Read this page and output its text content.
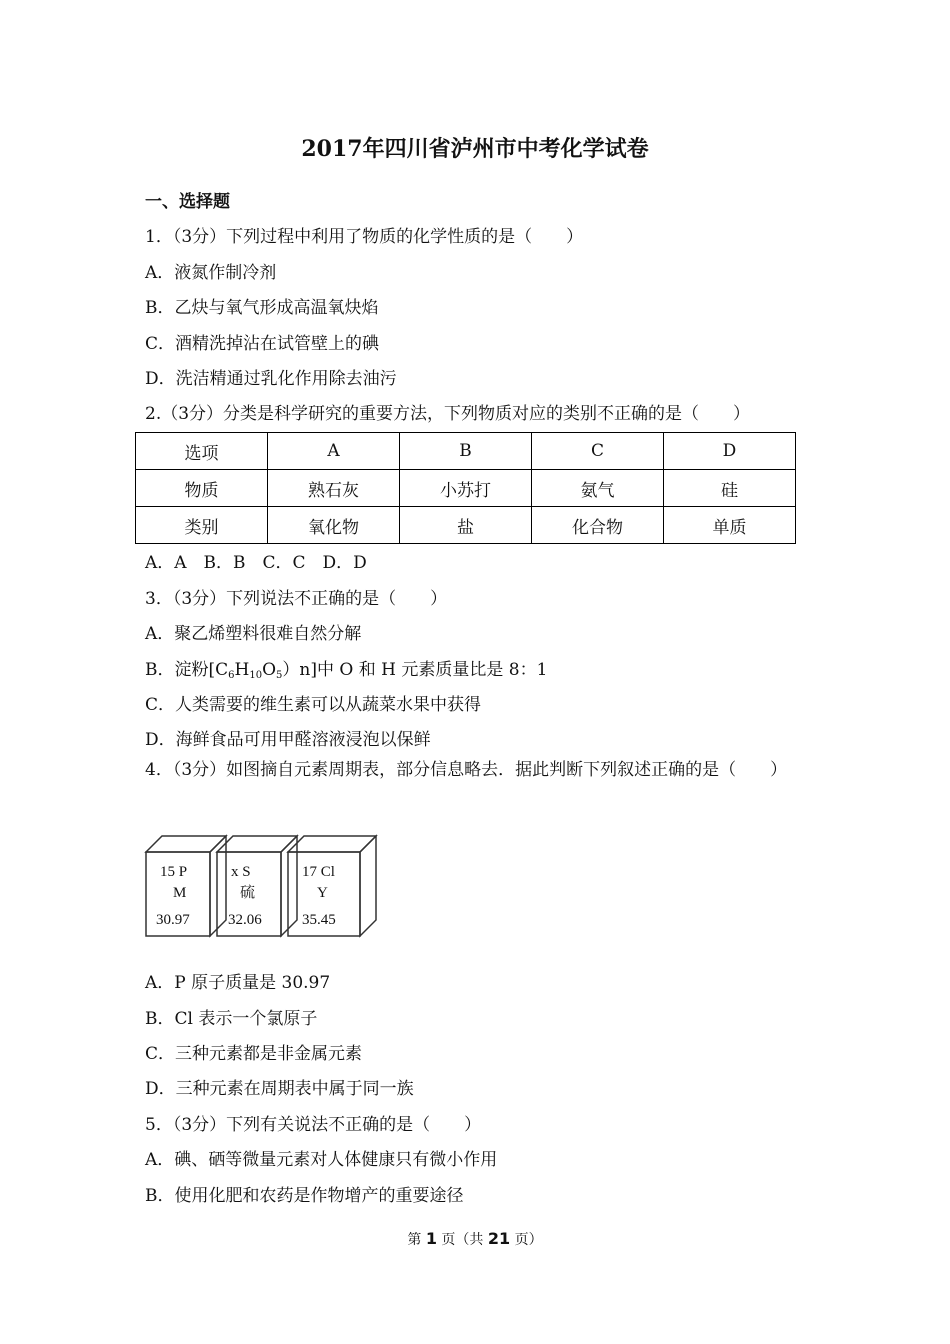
2017年四川省泸州市中考化学试卷
一、选择题
1．（3分）下列过程中利用了物质的化学性质的是（　　）
A．液氮作制冷剂
B．乙炔与氧气形成高温氧炔焰
C．酒精洗掉沾在试管壁上的碘
D．洗洁精通过乳化作用除去油污
2.（3分）分类是科学研究的重要方法，下列物质对应的类别不正确的是（　　）
选项	A	B	C	D
物质	熟石灰	小苏打	氨气	硅
类别	氧化物	盐	化合物	单质
A．A　B．B　C．C　D．D
3．（3分）下列说法不正确的是（　　）
A．聚乙烯塑料很难自然分解
B．淀粉$[C_6H_{10}O_5)n$]中 O 和 H 元素质量比是 8：1
C．人类需要的维生素可以从蔬菜水果中获得
D．海鲜食品可用甲醛溶液浸泡以保鲜
4．（3分）如图摘自元素周期表，部分信息略去．据此判断下列叙述正确的是（　　）
15 P
M
30.97
x S
硫
32.06
17 Cl
Y
35.45
A．P 原子质量是 30.97
B．Cl 表示一个氯原子
C．三种元素都是非金属元素
D．三种元素在周期表中属于同一族
5．（3分）下列有关说法不正确的是（　　）
A．碘、硒等微量元素对人体健康只有微小作用
B．使用化肥和农药是作物增产的重要途径
第 1 页（共 21 页）
